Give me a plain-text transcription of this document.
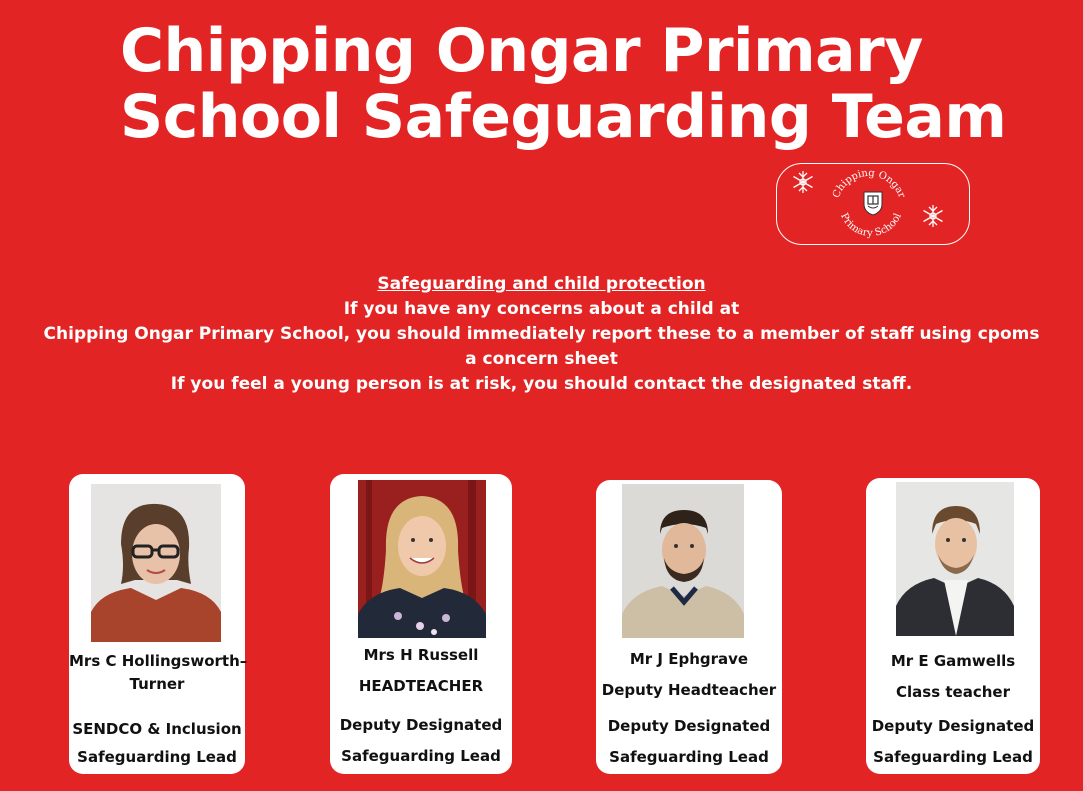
Chipping Ongar Primary
School Safeguarding Team
Chipping Ongar
Primary School
Safeguarding and child protection
If you have any concerns about a child at
Chipping Ongar Primary School, you should immediately report these to a member of staff using cpoms
a concern sheet
If you feel a young person is at risk, you should contact the designated staff.
Mrs C Hollingsworth–
Turner
SENDCO & Inclusion
Safeguarding Lead
Mrs H Russell
HEADTEACHER
Deputy Designated
Safeguarding Lead
Mr J Ephgrave
Deputy Headteacher
Deputy Designated
Safeguarding Lead
Mr E Gamwells
Class teacher
Deputy Designated
Safeguarding Lead
